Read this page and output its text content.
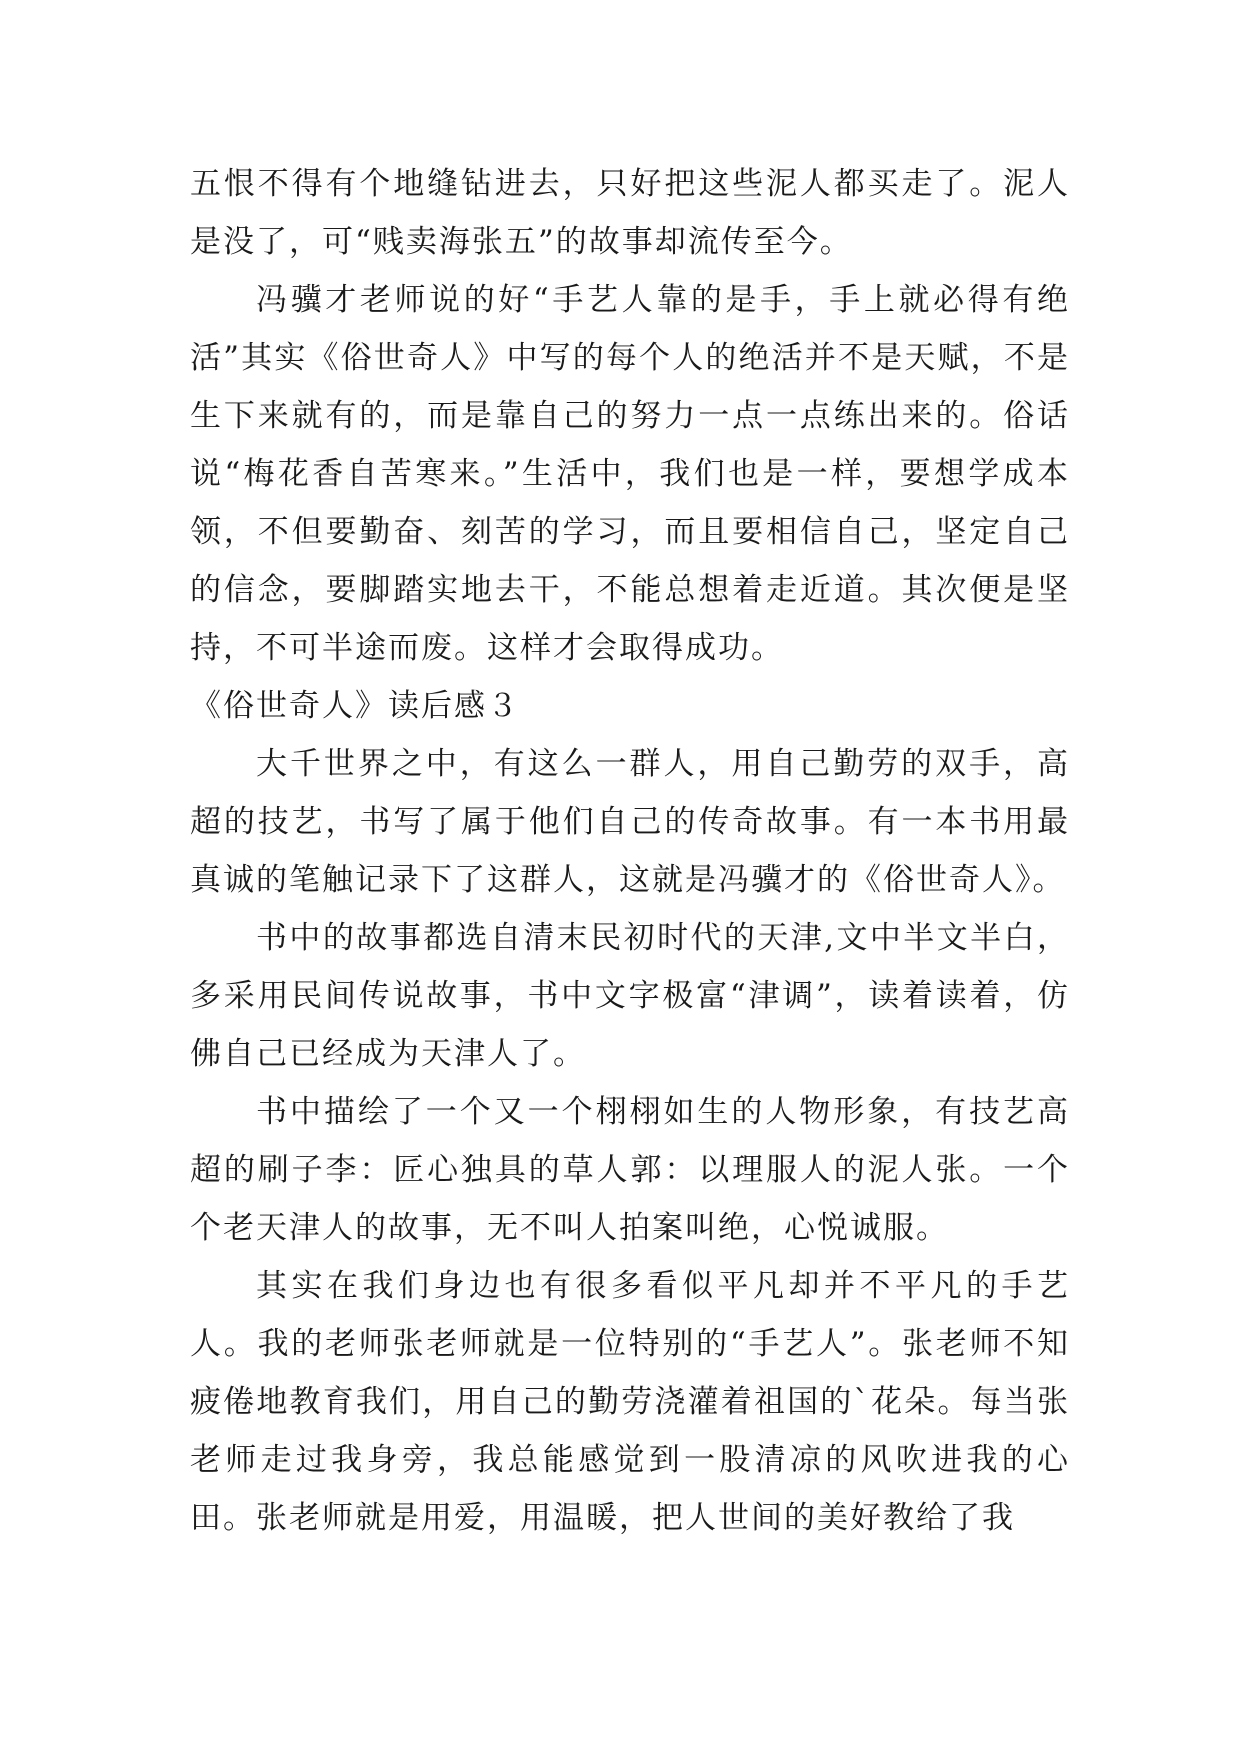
五恨不得有个地缝钻进去，只好把这些泥人都买走了。泥人是没了，可“贱卖海张五”的故事却流传至今。

冯骥才老师说的好“手艺人靠的是手，手上就必得有绝活”其实《俗世奇人》中写的每个人的绝活并不是天赋，不是生下来就有的，而是靠自己的努力一点一点练出来的。俗话说“梅花香自苦寒来。”生活中，我们也是一样，要想学成本领，不但要勤奋、刻苦的学习，而且要相信自己，坚定自己的信念，要脚踏实地去干，不能总想着走近道。其次便是坚持，不可半途而废。这样才会取得成功。

《俗世奇人》读后感３

大千世界之中，有这么一群人，用自己勤劳的双手，高超的技艺，书写了属于他们自己的传奇故事。有一本书用最真诚的笔触记录下了这群人，这就是冯骥才的《俗世奇人》。

书中的故事都选自清末民初时代的天津,文中半文半白，多采用民间传说故事，书中文字极富“津调”，读着读着，仿佛自己已经成为天津人了。

书中描绘了一个又一个栩栩如生的人物形象，有技艺高超的刷子李：匠心独具的草人郭：以理服人的泥人张。一个个老天津人的故事，无不叫人拍案叫绝，心悦诚服。

其实在我们身边也有很多看似平凡却并不平凡的手艺人。我的老师张老师就是一位特别的“手艺人”。张老师不知疲倦地教育我们，用自己的勤劳浇灌着祖国的`花朵。每当张老师走过我身旁，我总能感觉到一股清凉的风吹进我的心田。张老师就是用爱，用温暖，把人世间的美好教给了我
